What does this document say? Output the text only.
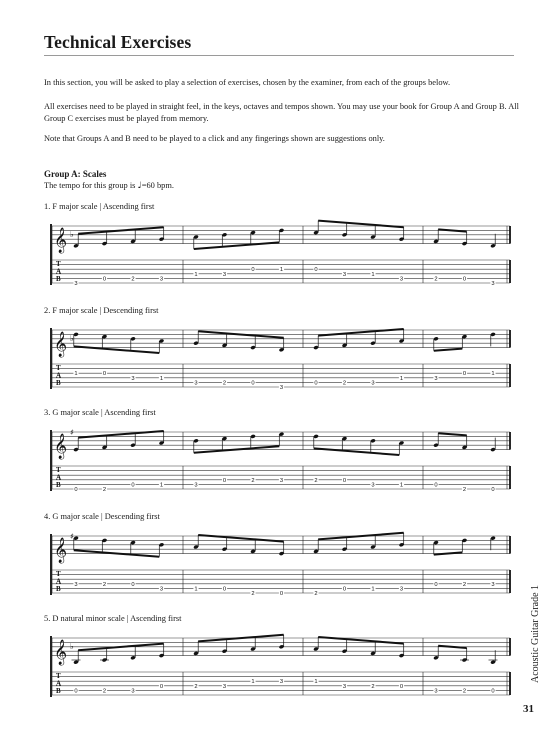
Technical Exercises

In this section, you will be asked to play a selection of exercises, chosen by the examiner, from each of the groups below.

All exercises need to be played in straight feel, in the keys, octaves and tempos shown. You may use your book for Group A and Group B. All Group C exercises must be played from memory.

Note that Groups A and B need to be played to a click and any fingerings shown are suggestions only.

Group A: Scales
The tempo for this group is ♩=60 bpm.
1. F major scale | Ascending first
𝄞 ♭
T
A
B
3
0	2	3
1	3
0	1	0
3	1
3	2	0
3
2. F major scale | Descending first
𝄞 ♭
T
A
B
1	0
3	1
3	2	0
3
0	2	3
1	3
0	1
3. G major scale | Ascending first
𝄞
♯
T
A
B
0	2
0	1	3
0	2	3	2	0
3	1	0
2	0
4. G major scale | Descending first
𝄞
♯
T
A
B
3	2	0
3	1	0
2	0	2
0	1	3
0	2	3
5. D natural minor scale | Ascending first
𝄞 ♭
T
A
B 0	2	3
0	2	3
1	3	1
3	2	0
3	2	0
Acoustic Guitar Grade 1
31
